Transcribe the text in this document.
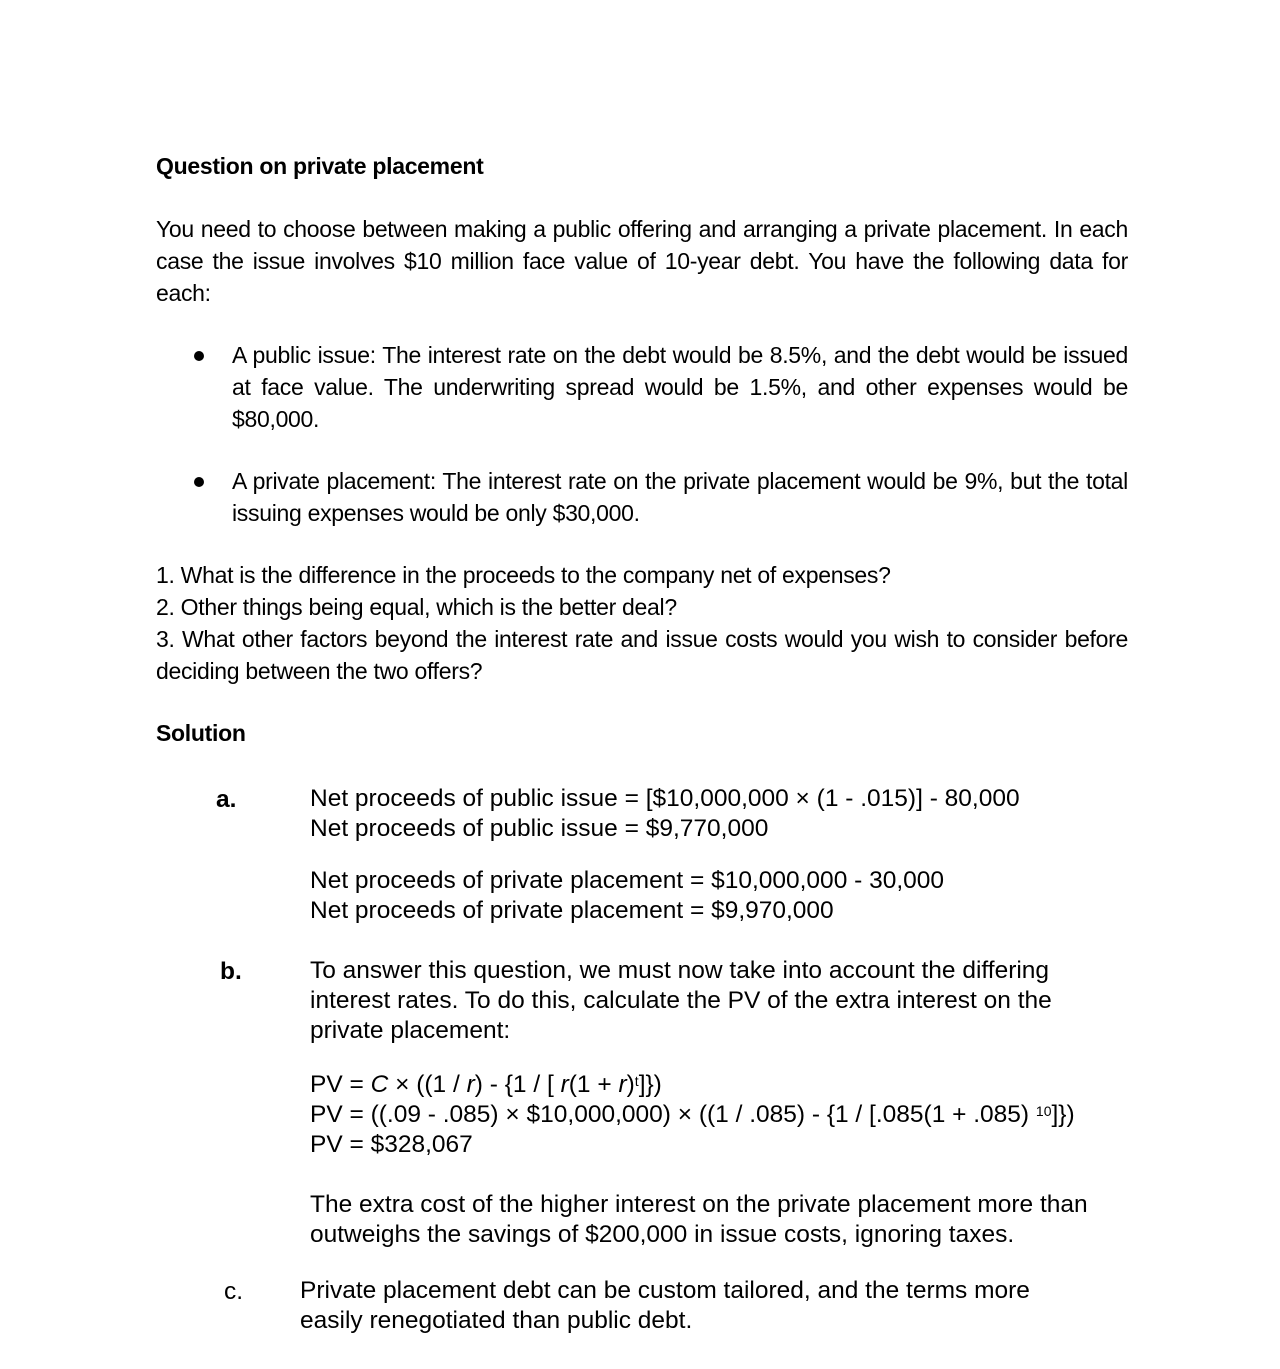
Question on private placement

You need to choose between making a public offering and arranging a private placement. In each case the issue involves $10 million face value of 10-year debt. You have the following data for each:

A public issue: The interest rate on the debt would be 8.5%, and the debt would be issued at face value. The underwriting spread would be 1.5%, and other expenses would be $80,000.

A private placement: The interest rate on the private placement would be 9%, but the total issuing expenses would be only $30,000.

1. What is the difference in the proceeds to the company net of expenses?
2. Other things being equal, which is the better deal?
3. What other factors beyond the interest rate and issue costs would you wish to consider before deciding between the two offers?
Solution
a.	Net proceeds of public issue = [$10,000,000 × (1 - .015)] - 80,000
Net proceeds of public issue = $9,770,000
Net proceeds of private placement = $10,000,000 - 30,000
Net proceeds of private placement = $9,970,000
b.	To answer this question, we must now take into account the differing interest rates. To do this, calculate the PV of the extra interest on the private placement:
PV = C × ((1 / r) - {1 / [ $r(1 + r)^t$]})
PV = ((.09 - .085) × $10,000,000) × ((1 / .085) - {1 / [.085(1 + .085) $^{10}$]})
PV = $328,067
The extra cost of the higher interest on the private placement more than outweighs the savings of $200,000 in issue costs, ignoring taxes.
c. Private placement debt can be custom tailored, and the terms more easily renegotiated than public debt.
